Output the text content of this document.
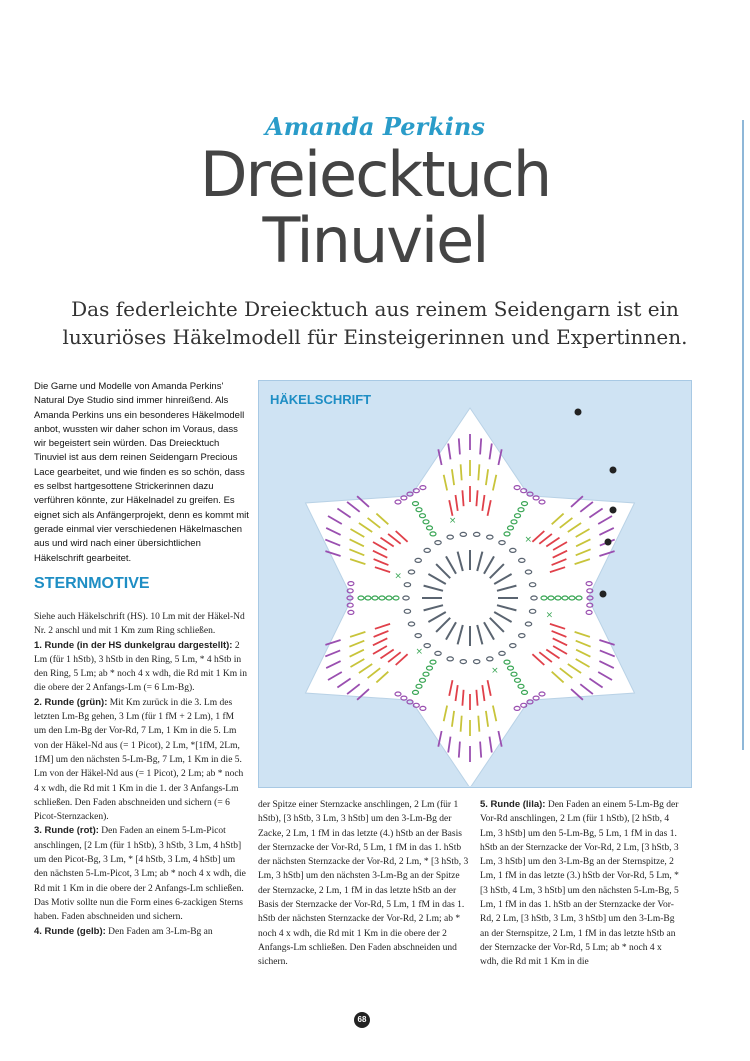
Amanda Perkins
Dreiecktuch
Tinuviel
Das federleichte Dreiecktuch aus reinem Seidengarn ist ein luxuriöses Häkelmodell für Einsteigerinnen und Expertinnen.
Die Garne und Modelle von Amanda Perkins' Natural Dye Studio sind immer hinreißend. Als Amanda Perkins uns ein besonderes Häkelmodell anbot, wussten wir daher schon im Voraus, dass wir begeistert sein würden. Das Dreiecktuch Tinuviel ist aus dem reinen Seidengarn Precious Lace gearbeitet, und wie finden es so schön, dass es selbst hartgesottene Strickerinnen dazu verführen könnte, zur Häkelnadel zu greifen. Es eignet sich als Anfängerprojekt, denn es kommt mit gerade einmal vier verschiedenen Häkelmaschen aus und wird nach einer übersichtlichen Häkelschrift gearbeitet.
HÄKELSCHRIFT
×
×
×
×
×
×
STERNMOTIVE
Siehe auch Häkelschrift (HS). 10 Lm mit der Häkel-Nd Nr. 2 anschl und mit 1 Km zum Ring schließen.
1. Runde (in der HS dunkelgrau dargestellt): 2 Lm (für 1 hStb), 3 hStb in den Ring, 5 Lm, * 4 hStb in den Ring, 5 Lm; ab * noch 4 x wdh, die Rd mit 1 Km in die obere der 2 Anfangs-Lm (= 6 Lm-Bg).
2. Runde (grün): Mit Km zurück in die 3. Lm des letzten Lm-Bg gehen, 3 Lm (für 1 fM + 2 Lm), 1 fM um den Lm-Bg der Vor-Rd, 7 Lm, 1 Km in die 5. Lm von der Häkel-Nd aus (= 1 Picot), 2 Lm, *[1fM, 2Lm, 1fM] um den nächsten 5-Lm-Bg, 7 Lm, 1 Km in die 5. Lm von der Häkel-Nd aus (= 1 Picot), 2 Lm; ab * noch 4 x wdh, die Rd mit 1 Km in die 1. der 3 Anfangs-Lm schließen. Den Faden abschneiden und sichern (= 6 Picot-Sternzacken).
3. Runde (rot): Den Faden an einem 5-Lm-Picot anschlingen, [2 Lm (für 1 hStb), 3 hStb, 3 Lm, 4 hStb] um den Picot-Bg, 3 Lm, * [4 hStb, 3 Lm, 4 hStb] um den nächsten 5-Lm-Picot, 3 Lm; ab * noch 4 x wdh, die Rd mit 1 Km in die obere der 2 Anfangs-Lm schließen. Das Motiv sollte nun die Form eines 6-zackigen Sterns haben. Faden abschneiden und sichern.
4. Runde (gelb): Den Faden am 3-Lm-Bg an
der Spitze einer Sternzacke anschlingen, 2 Lm (für 1 hStb), [3 hStb, 3 Lm, 3 hStb] um den 3-Lm-Bg der Zacke, 2 Lm, 1 fM in das letzte (4.) hStb an der Basis der Sternzacke der Vor-Rd, 5 Lm, 1 fM in das 1. hStb der nächsten Sternzacke der Vor-Rd, 2 Lm, * [3 hStb, 3 Lm, 3 hStb] um den nächsten 3-Lm-Bg an der Spitze der Sternzacke, 2 Lm, 1 fM in das letzte hStb an der Basis der Sternzacke der Vor-Rd, 5 Lm, 1 fM in das 1. hStb der nächsten Sternzacke der Vor-Rd, 2 Lm; ab * noch 4 x wdh, die Rd mit 1 Km in die obere der 2 Anfangs-Lm schließen. Den Faden abschneiden und sichern.
5. Runde (lila): Den Faden an einem 5-Lm-Bg der Vor-Rd anschlingen, 2 Lm (für 1 hStb), [2 hStb, 4 Lm, 3 hStb] um den 5-Lm-Bg, 5 Lm, 1 fM in das 1. hStb an der Sternzacke der Vor-Rd, 2 Lm, [3 hStb, 3 Lm, 3 hStb] um den 3-Lm-Bg an der Sternspitze, 2 Lm, 1 fM in das letzte (3.) hStb der Vor-Rd, 5 Lm, * [3 hStb, 4 Lm, 3 hStb] um den nächsten 5-Lm-Bg, 5 Lm, 1 fM in das 1. hStb an der Sternzacke der Vor-Rd, 2 Lm, [3 hStb, 3 Lm, 3 hStb] um den 3-Lm-Bg an der Sternspitze, 2 Lm, 1 fM in das letzte hStb an der Sternzacke der Vor-Rd, 5 Lm; ab * noch 4 x wdh, die Rd mit 1 Km in die
68
